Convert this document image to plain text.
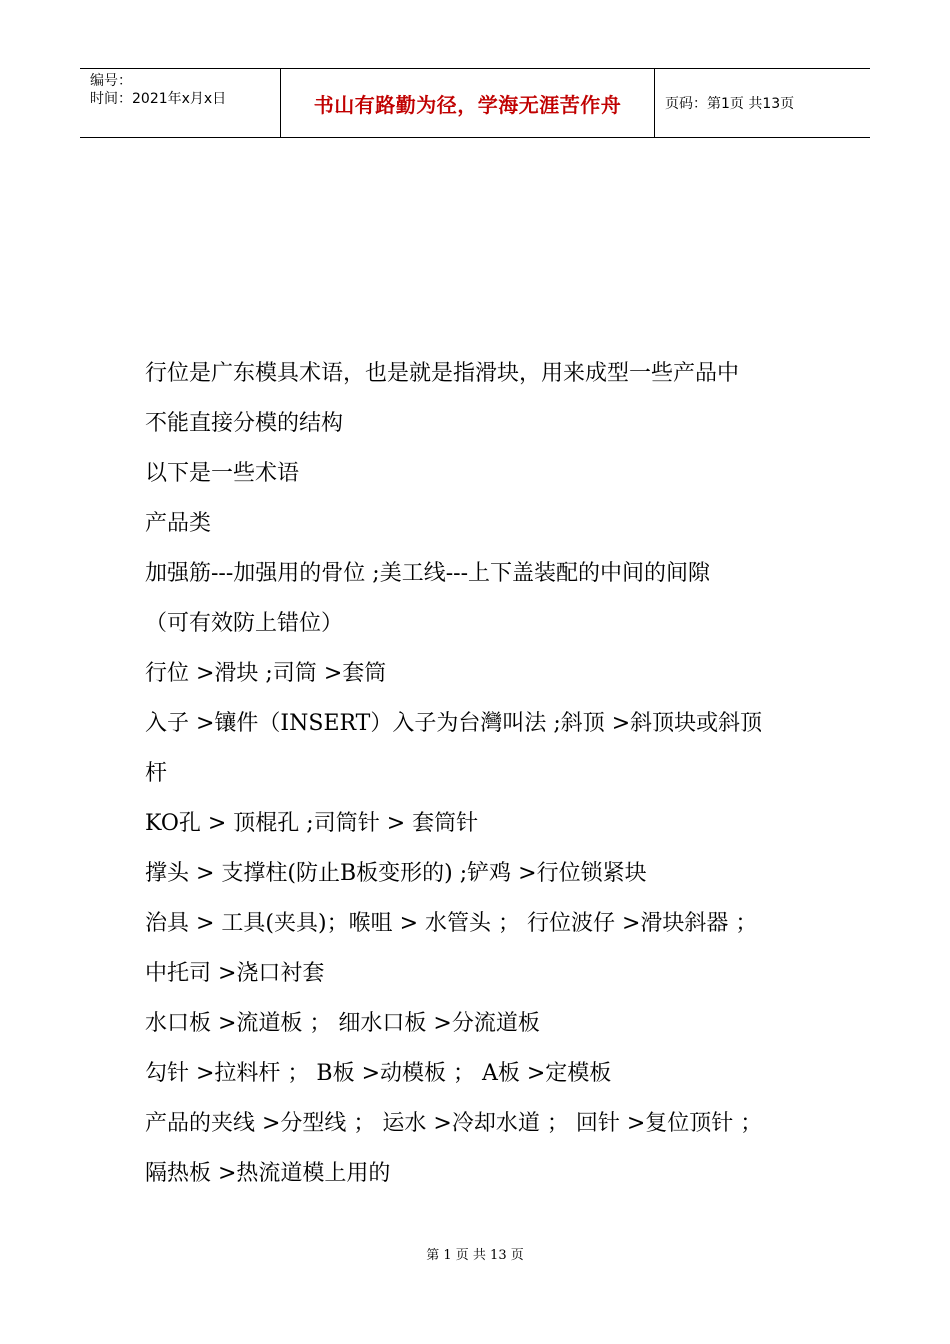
编号：
时间：2021年x月x日	书山有路勤为径，学海无涯苦作舟	页码：第1页 共13页

行位是广东模具术语，也是就是指滑块，用来成型一些产品中

不能直接分模的结构

以下是一些术语

产品类

加强筋---加强用的骨位 ;美工线---上下盖装配的中间的间隙

（可有效防上错位）

行位 >滑块 ;司筒 >套筒

入子 >镶件（INSERT）入子为台灣叫法 ;斜顶 >斜顶块或斜顶

杆

KO孔 > 顶棍孔 ;司筒针 > 套筒针

撑头 > 支撑柱(防止B板变形的) ;铲鸡 >行位锁紧块

治具 > 工具(夹具)；喉咀 > 水管头 ； 行位波仔 >滑块斜器 ；

中托司 >浇口衬套

水口板 >流道板 ； 细水口板 >分流道板

勾针 >拉料杆 ； B板 >动模板 ； A板 >定模板

产品的夹线 >分型线 ； 运水 >冷却水道 ； 回针 >复位顶针 ；

隔热板 >热流道模上用的

第 1 页 共 13 页
